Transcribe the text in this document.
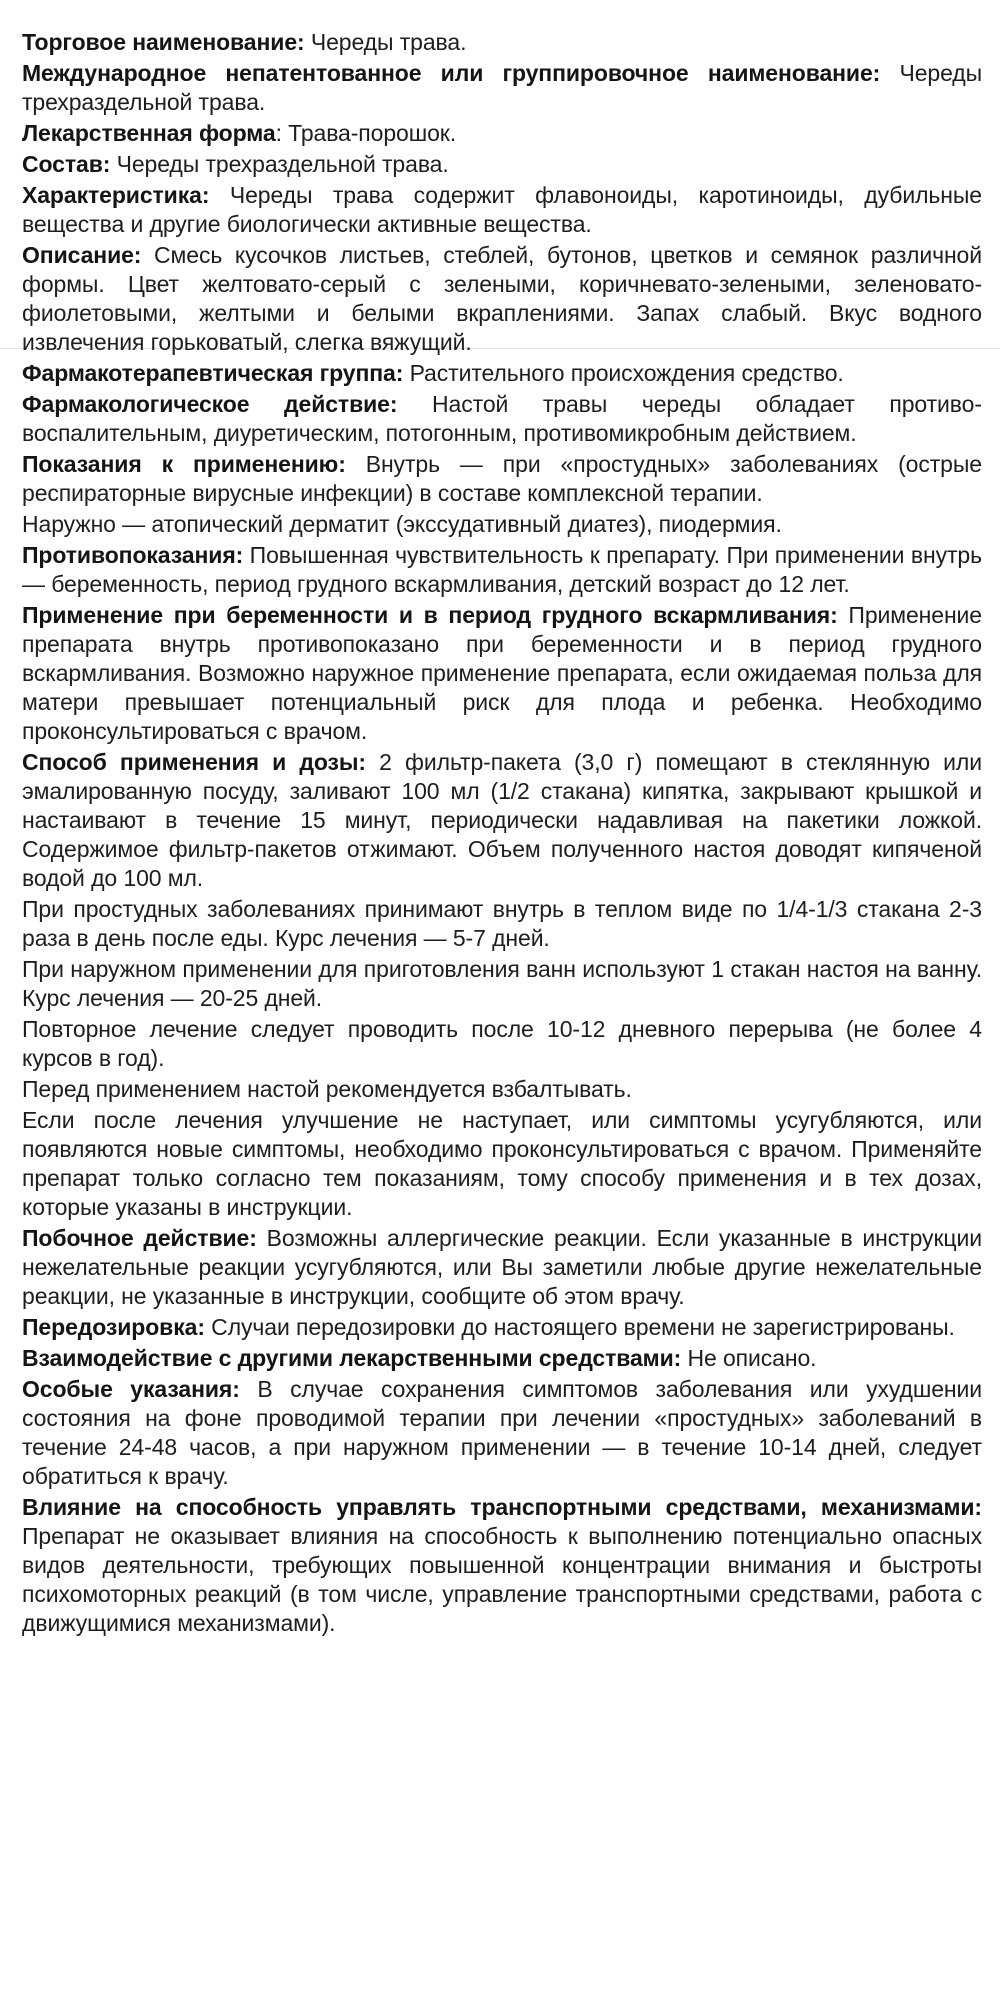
Торговое наименование: Череды трава.

Международное непатентованное или группировочное наименование: Череды трехраздельной трава.

Лекарственная форма: Трава-порошок.

Состав: Череды трехраздельной трава.

Характеристика: Череды трава содержит флавоноиды, каротиноиды, дубильные вещества и другие биологически активные вещества.

Описание: Смесь кусочков листьев, стеблей, бутонов, цветков и семянок различной формы. Цвет желтовато-серый с зелеными, коричневато-зелеными, зеленовато-фиолетовыми, желтыми и белыми вкраплениями. Запах слабый. Вкус водного извлечения горьковатый, слегка вяжущий.

Фармакотерапевтическая группа: Растительного происхождения средство.

Фармакологическое действие: Настой травы череды обладает противовоспалительным, диуретическим, потогонным, противомикробным действием.

Показания к применению: Внутрь — при «простудных» заболеваниях (острые респираторные вирусные инфекции) в составе комплексной терапии.

Наружно — атопический дерматит (экссудативный диатез), пиодермия.

Противопоказания: Повышенная чувствительность к препарату. При применении внутрь — беременность, период грудного вскармливания, детский возраст до 12 лет.

Применение при беременности и в период грудного вскармливания: Применение препарата внутрь противопоказано при беременности и в период грудного вскармливания. Возможно наружное применение препарата, если ожидаемая польза для матери превышает потенциальный риск для плода и ребенка. Необходимо проконсультироваться с врачом.

Способ применения и дозы: 2 фильтр-пакета (3,0 г) помещают в стеклянную или эмалированную посуду, заливают 100 мл (1/2 стакана) кипятка, закрывают крышкой и настаивают в течение 15 минут, периодически надавливая на пакетики ложкой. Содержимое фильтр-пакетов отжимают. Объем полученного настоя доводят кипяченой водой до 100 мл.

При простудных заболеваниях принимают внутрь в теплом виде по 1/4-1/3 стакана 2-3 раза в день после еды. Курс лечения — 5-7 дней.

При наружном применении для приготовления ванн используют 1 стакан настоя на ванну. Курс лечения — 20-25 дней.

Повторное лечение следует проводить после 10-12 дневного перерыва (не более 4 курсов в год).

Перед применением настой рекомендуется взбалтывать.

Если после лечения улучшение не наступает, или симптомы усугубляются, или появляются новые симптомы, необходимо проконсультироваться с врачом. Применяйте препарат только согласно тем показаниям, тому способу применения и в тех дозах, которые указаны в инструкции.

Побочное действие: Возможны аллергические реакции. Если указанные в инструкции нежелательные реакции усугубляются, или Вы заметили любые другие нежелательные реакции, не указанные в инструкции, сообщите об этом врачу.

Передозировка: Случаи передозировки до настоящего времени не зарегистрированы.

Взаимодействие с другими лекарственными средствами: Не описано.

Особые указания: В случае сохранения симптомов заболевания или ухудшении состояния на фоне проводимой терапии при лечении «простудных» заболеваний в течение 24-48 часов, а при наружном применении — в течение 10-14 дней, следует обратиться к врачу.

Влияние на способность управлять транспортными средствами, механизмами: Препарат не оказывает влияния на способность к выполнению потенциально опасных видов деятельности, требующих повышенной концентрации внимания и быстроты психомоторных реакций (в том числе, управление транспортными средствами, работа с движущимися механизмами).
